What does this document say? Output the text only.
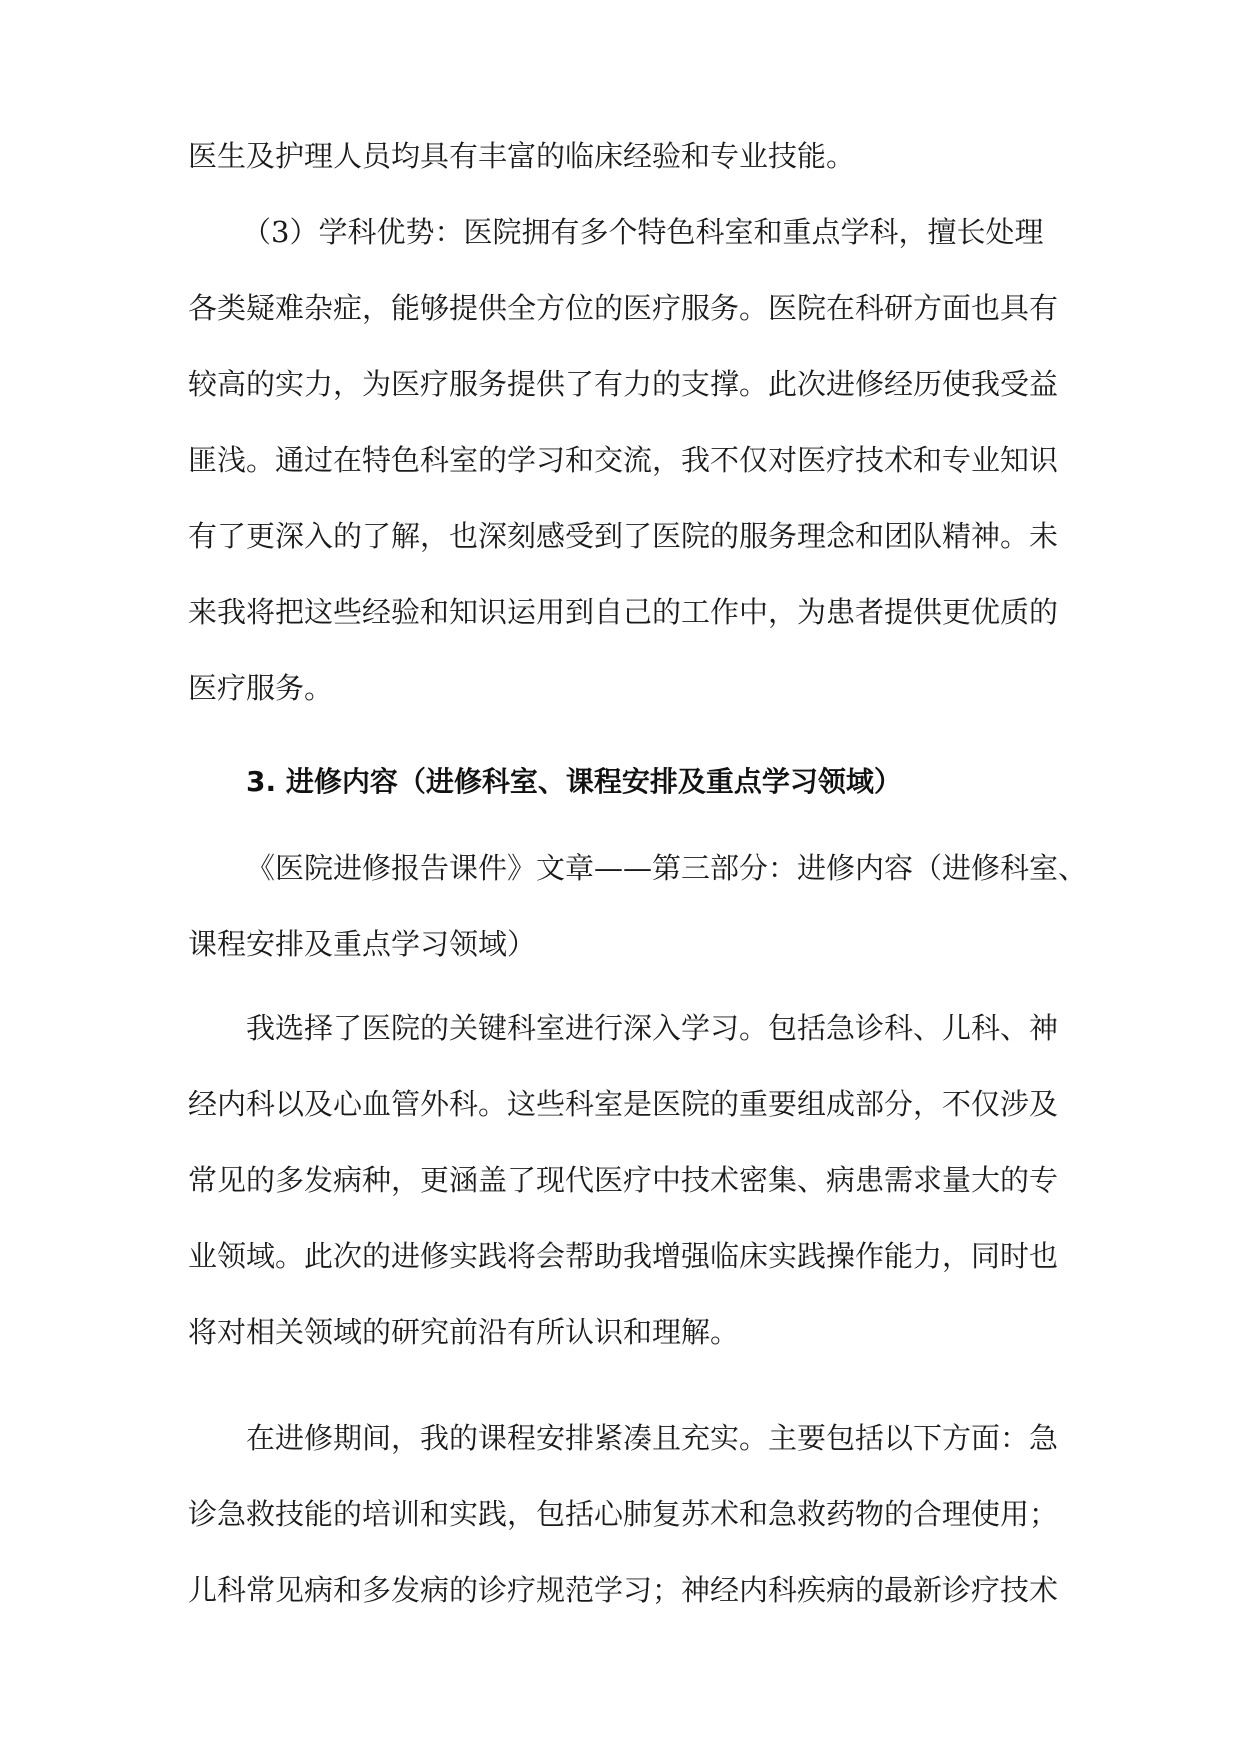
医生及护理人员均具有丰富的临床经验和专业技能。

（3）学科优势：医院拥有多个特色科室和重点学科，擅长处理
各类疑难杂症，能够提供全方位的医疗服务。医院在科研方面也具有
较高的实力，为医疗服务提供了有力的支撑。此次进修经历使我受益
匪浅。通过在特色科室的学习和交流，我不仅对医疗技术和专业知识
有了更深入的了解，也深刻感受到了医院的服务理念和团队精神。未
来我将把这些经验和知识运用到自己的工作中，为患者提供更优质的
医疗服务。

3. 进修内容（进修科室、课程安排及重点学习领域）

《医院进修报告课件》文章——第三部分：进修内容（进修科室、
课程安排及重点学习领域）

我选择了医院的关键科室进行深入学习。包括急诊科、儿科、神
经内科以及心血管外科。这些科室是医院的重要组成部分，不仅涉及
常见的多发病种，更涵盖了现代医疗中技术密集、病患需求量大的专
业领域。此次的进修实践将会帮助我增强临床实践操作能力，同时也
将对相关领域的研究前沿有所认识和理解。

在进修期间，我的课程安排紧凑且充实。主要包括以下方面：急
诊急救技能的培训和实践，包括心肺复苏术和急救药物的合理使用；
儿科常见病和多发病的诊疗规范学习；神经内科疾病的最新诊疗技术
